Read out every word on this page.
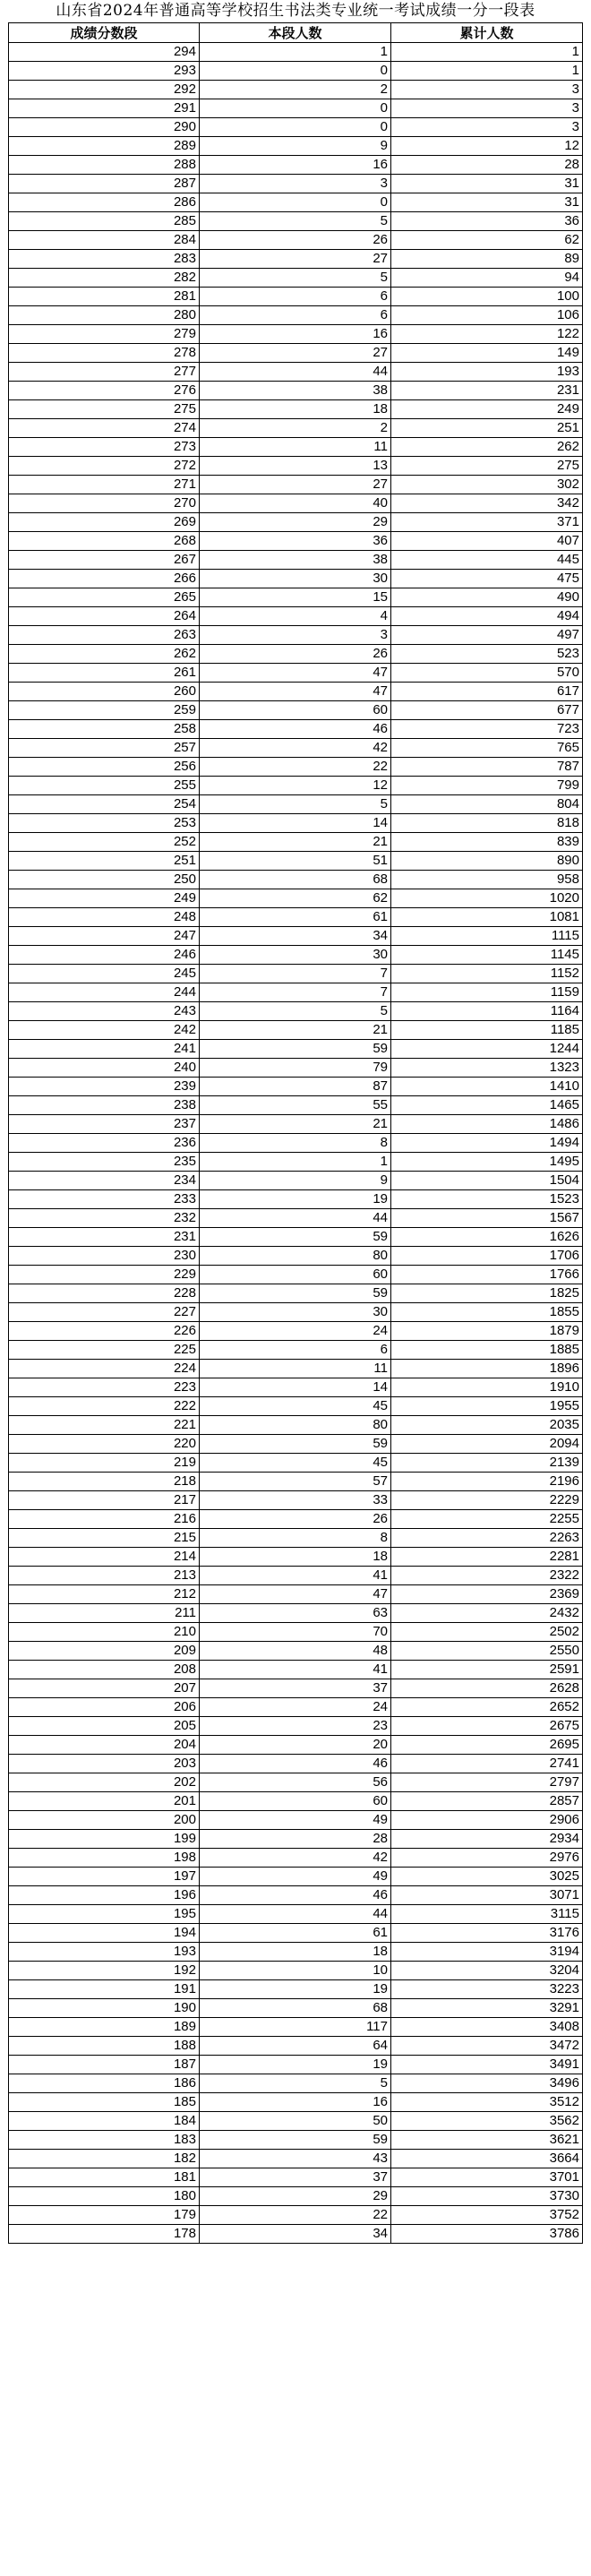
山东省2024年普通高等学校招生书法类专业统一考试成绩一分一段表
成绩分数段	本段人数	累计人数
294	1	1
293	0	1
292	2	3
291	0	3
290	0	3
289	9	12
288	16	28
287	3	31
286	0	31
285	5	36
284	26	62
283	27	89
282	5	94
281	6	100
280	6	106
279	16	122
278	27	149
277	44	193
276	38	231
275	18	249
274	2	251
273	11	262
272	13	275
271	27	302
270	40	342
269	29	371
268	36	407
267	38	445
266	30	475
265	15	490
264	4	494
263	3	497
262	26	523
261	47	570
260	47	617
259	60	677
258	46	723
257	42	765
256	22	787
255	12	799
254	5	804
253	14	818
252	21	839
251	51	890
250	68	958
249	62	1020
248	61	1081
247	34	1115
246	30	1145
245	7	1152
244	7	1159
243	5	1164
242	21	1185
241	59	1244
240	79	1323
239	87	1410
238	55	1465
237	21	1486
236	8	1494
235	1	1495
234	9	1504
233	19	1523
232	44	1567
231	59	1626
230	80	1706
229	60	1766
228	59	1825
227	30	1855
226	24	1879
225	6	1885
224	11	1896
223	14	1910
222	45	1955
221	80	2035
220	59	2094
219	45	2139
218	57	2196
217	33	2229
216	26	2255
215	8	2263
214	18	2281
213	41	2322
212	47	2369
211	63	2432
210	70	2502
209	48	2550
208	41	2591
207	37	2628
206	24	2652
205	23	2675
204	20	2695
203	46	2741
202	56	2797
201	60	2857
200	49	2906
199	28	2934
198	42	2976
197	49	3025
196	46	3071
195	44	3115
194	61	3176
193	18	3194
192	10	3204
191	19	3223
190	68	3291
189	117	3408
188	64	3472
187	19	3491
186	5	3496
185	16	3512
184	50	3562
183	59	3621
182	43	3664
181	37	3701
180	29	3730
179	22	3752
178	34	3786
